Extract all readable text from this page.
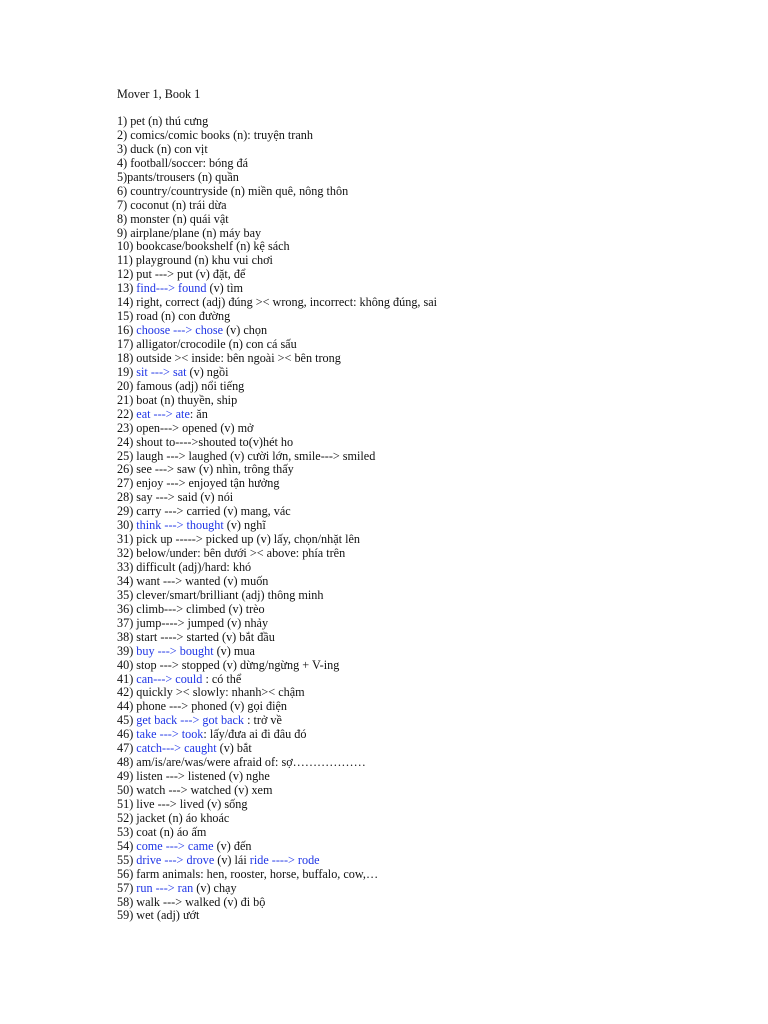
Mover 1, Book 1
1) pet (n) thú cưng
2) comics/comic books (n): truyện tranh
3) duck (n) con vịt
4) football/soccer: bóng đá
5)pants/trousers (n) quần
6) country/countryside (n) miền quê, nông thôn
7) coconut (n) trái dừa
8) monster (n) quái vật
9) airplane/plane (n) máy bay
10) bookcase/bookshelf (n) kệ sách
11) playground (n) khu vui chơi
12) put ---> put (v) đặt, để
13) find---> found (v) tìm
14) right, correct (adj) đúng >< wrong, incorrect: không đúng, sai
15) road (n) con đường
16) choose ---> chose (v) chọn
17) alligator/crocodile (n) con cá sấu
18) outside >< inside: bên ngoài >< bên trong
19) sit ---> sat (v) ngồi
20) famous (adj) nổi tiếng
21) boat (n) thuyền, ship
22) eat ---> ate: ăn
23) open---> opened (v) mở
24) shout to---->shouted to(v)hét ho
25) laugh ---> laughed (v) cười lớn, smile---> smiled
26) see ---> saw (v) nhìn, trông thấy
27) enjoy ---> enjoyed tận hưởng
28) say ---> said (v) nói
29) carry ---> carried (v) mang, vác
30) think ---> thought (v) nghĩ
31) pick up -----> picked up (v) lấy, chọn/nhặt lên
32) below/under: bên dưới >< above: phía trên
33) difficult (adj)/hard: khó
34) want ---> wanted (v) muốn
35) clever/smart/brilliant (adj) thông minh
36) climb---> climbed (v) trèo
37) jump----> jumped (v) nhảy
38) start ----> started (v) bắt đầu
39) buy ---> bought (v) mua
40) stop ---> stopped (v) dừng/ngừng + V-ing
41) can---> could : có thể
42) quickly >< slowly: nhanh>< chậm
44) phone ---> phoned (v) gọi điện
45) get back ---> got back : trở về
46) take ---> took: lấy/đưa ai đi đâu đó
47) catch---> caught (v) bắt
48) am/is/are/was/were afraid of: sợ………………
49) listen ---> listened (v) nghe
50) watch ---> watched (v) xem
51) live ---> lived (v) sống
52) jacket (n) áo khoác
53) coat (n) áo ấm
54) come ---> came (v) đến
55) drive ---> drove (v) lái ride ----> rode
56) farm animals: hen, rooster, horse, buffalo, cow,…
57) run ---> ran (v) chạy
58) walk ---> walked (v) đi bộ
59) wet (adj) ướt
